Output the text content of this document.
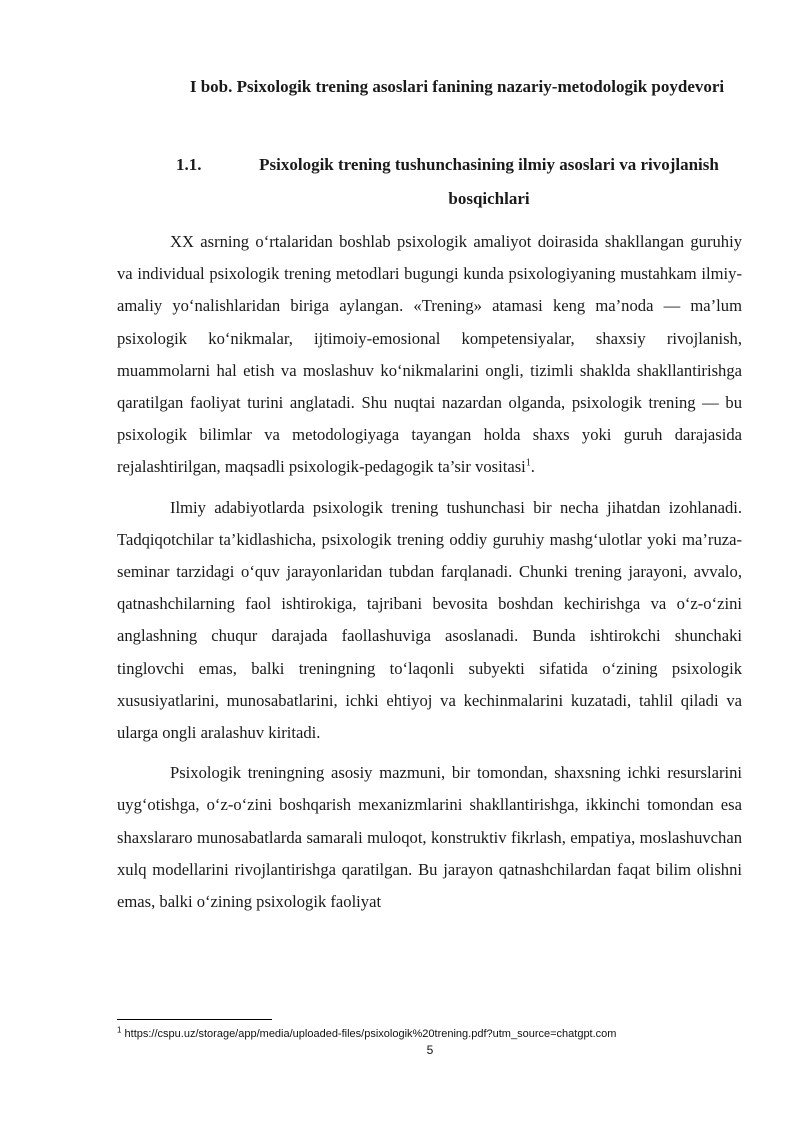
I bob. Psixologik trening asoslari fanining nazariy-metodologik poydevori
1.1.	Psixologik trening tushunchasining ilmiy asoslari va rivojlanish bosqichlari

XX asrning o‘rtalaridan boshlab psixologik amaliyot doirasida shakllangan guruhiy va individual psixologik trening metodlari bugungi kunda psixologiyaning mustahkam ilmiy-amaliy yo‘nalishlaridan biriga aylangan. «Trening» atamasi keng ma’noda — ma’lum psixologik ko‘nikmalar, ijtimoiy-emosional kompetensiyalar, shaxsiy rivojlanish, muammolarni hal etish va moslashuv ko‘nikmalarini ongli, tizimli shaklda shakllantirishga qaratilgan faoliyat turini anglatadi. Shu nuqtai nazardan olganda, psixologik trening — bu psixologik bilimlar va metodologiyaga tayangan holda shaxs yoki guruh darajasida rejalashtirilgan, maqsadli psixologik-pedagogik ta’sir vositasi$^1$.

Ilmiy adabiyotlarda psixologik trening tushunchasi bir necha jihatdan izohlanadi. Tadqiqotchilar ta’kidlashicha, psixologik trening oddiy guruhiy mashg‘ulotlar yoki ma’ruza-seminar tarzidagi o‘quv jarayonlaridan tubdan farqlanadi. Chunki trening jarayoni, avvalo, qatnashchilarning faol ishtirokiga, tajribani bevosita boshdan kechirishga va o‘z-o‘zini anglashning chuqur darajada faollashuviga asoslanadi. Bunda ishtirokchi shunchaki tinglovchi emas, balki treningning to‘laqonli subyekti sifatida o‘zining psixologik xususiyatlarini, munosabatlarini, ichki ehtiyoj va kechinmalarini kuzatadi, tahlil qiladi va ularga ongli aralashuv kiritadi.

Psixologik treningning asosiy mazmuni, bir tomondan, shaxsning ichki resurslarini uyg‘otishga, o‘z-o‘zini boshqarish mexanizmlarini shakllantirishga, ikkinchi tomondan esa shaxslararo munosabatlarda samarali muloqot, konstruktiv fikrlash, empatiya, moslashuvchan xulq modellarini rivojlantirishga qaratilgan. Bu jarayon qatnashchilardan faqat bilim olishni emas, balki o‘zining psixologik faoliyat

$^1$ https://cspu.uz/storage/app/media/uploaded-files/psixologik%20trening.pdf?utm_source=chatgpt.com
5
